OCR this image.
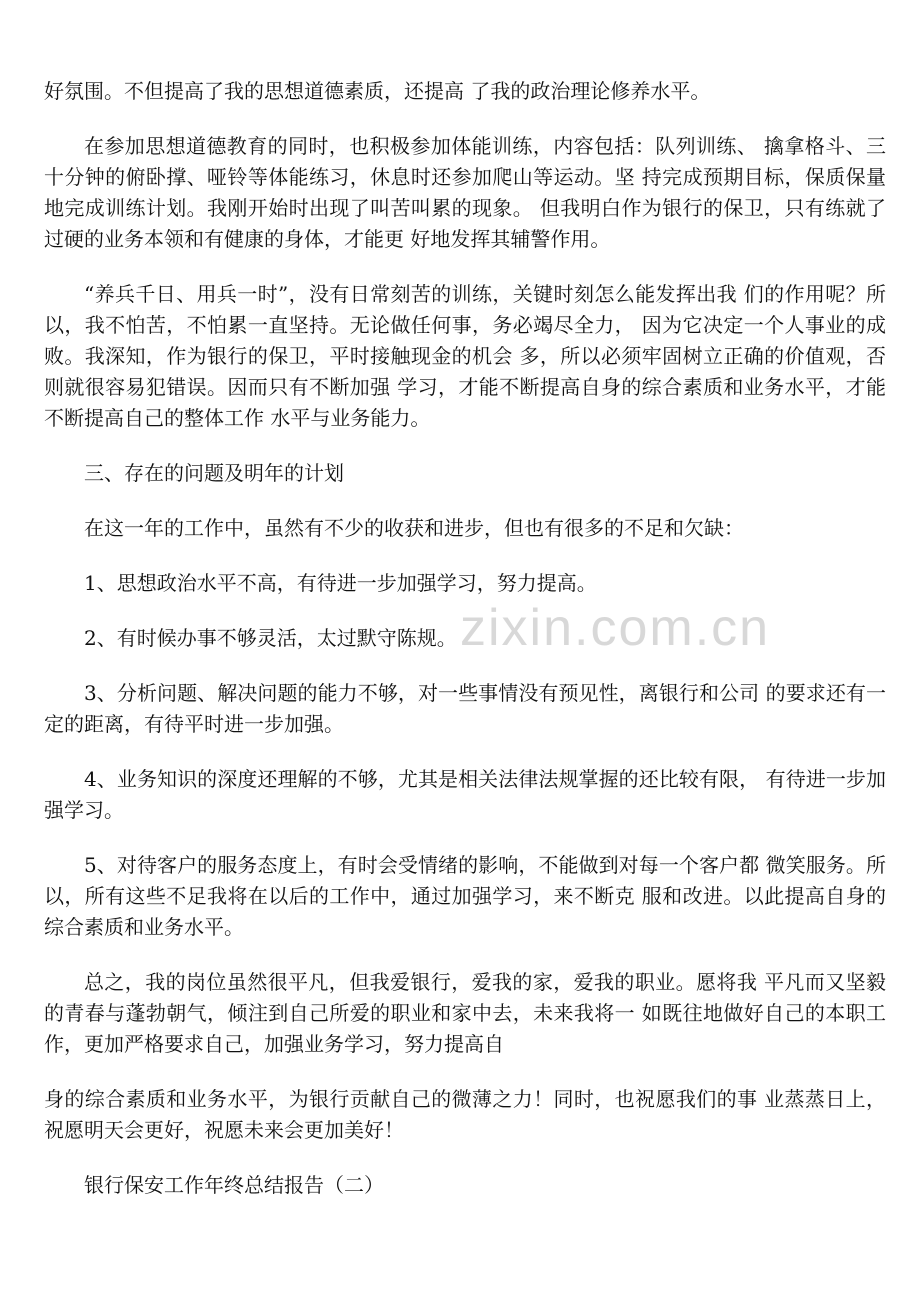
好氛围。不但提高了我的思想道德素质，还提高 了我的政治理论修养水平。

在参加思想道德教育的同时，也积极参加体能训练，内容包括：队列训练、 擒拿格斗、三十分钟的俯卧撑、哑铃等体能练习，休息时还参加爬山等运动。坚 持完成预期目标，保质保量地完成训练计划。我刚开始时出现了叫苦叫累的现象。 但我明白作为银行的保卫，只有练就了过硬的业务本领和有健康的身体，才能更 好地发挥其辅警作用。

“养兵千日、用兵一时”，没有日常刻苦的训练，关键时刻怎么能发挥出我 们的作用呢？所以，我不怕苦，不怕累一直坚持。无论做任何事，务必竭尽全力， 因为它决定一个人事业的成败。我深知，作为银行的保卫，平时接触现金的机会 多，所以必须牢固树立正确的价值观，否则就很容易犯错误。因而只有不断加强 学习，才能不断提高自身的综合素质和业务水平，才能不断提高自己的整体工作 水平与业务能力。

三、存在的问题及明年的计划

在这一年的工作中，虽然有不少的收获和进步，但也有很多的不足和欠缺：

1、思想政治水平不高，有待进一步加强学习，努力提高。

2、有时候办事不够灵活，太过默守陈规。

3、分析问题、解决问题的能力不够，对一些事情没有预见性，离银行和公司 的要求还有一定的距离，有待平时进一步加强。

4、业务知识的深度还理解的不够，尤其是相关法律法规掌握的还比较有限， 有待进一步加强学习。

5、对待客户的服务态度上，有时会受情绪的影响，不能做到对每一个客户都 微笑服务。所以，所有这些不足我将在以后的工作中，通过加强学习，来不断克 服和改进。以此提高自身的综合素质和业务水平。

总之，我的岗位虽然很平凡，但我爱银行，爱我的家，爱我的职业。愿将我 平凡而又坚毅的青春与蓬勃朝气，倾注到自己所爱的职业和家中去，未来我将一 如既往地做好自己的本职工作，更加严格要求自己，加强业务学习，努力提高自

身的综合素质和业务水平，为银行贡献自己的微薄之力！同时，也祝愿我们的事 业蒸蒸日上，祝愿明天会更好，祝愿未来会更加美好！

银行保安工作年终总结报告（二）

zixin.com.cn
